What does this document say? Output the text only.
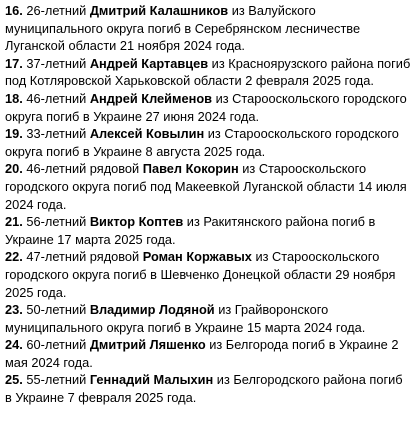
16. 26-летний Дмитрий Калашников из Валуйского муниципального округа погиб в Серебрянском лесничестве Луганской области 21 ноября 2024 года.

17. 37-летний Андрей Картавцев из Красноярузского района погиб под Котляровской Харьковской области 2 февраля 2025 года.

18. 46-летний Андрей Клейменов из Старооскольского городского округа погиб в Украине 27 июня 2024 года.

19. 33-летний Алексей Ковылин из Старооскольского городского округа погиб в Украине 8 августа 2025 года.

20. 46-летний рядовой Павел Кокорин из Старооскольского городского округа погиб под Макеевкой Луганской области 14 июля 2024 года.

21. 56-летний Виктор Коптев из Ракитянского района погиб в Украине 17 марта 2025 года.

22. 47-летний рядовой Роман Коржавых из Старооскольского городского округа погиб в Шевченко Донецкой области 29 ноября 2025 года.

23. 50-летний Владимир Лодяной из Грайворонского муниципального округа погиб в Украине 15 марта 2024 года.

24. 60-летний Дмитрий Ляшенко из Белгорода погиб в Украине 2 мая 2024 года.

25. 55-летний Геннадий Малыхин из Белгородского района погиб в Украине 7 февраля 2025 года.
